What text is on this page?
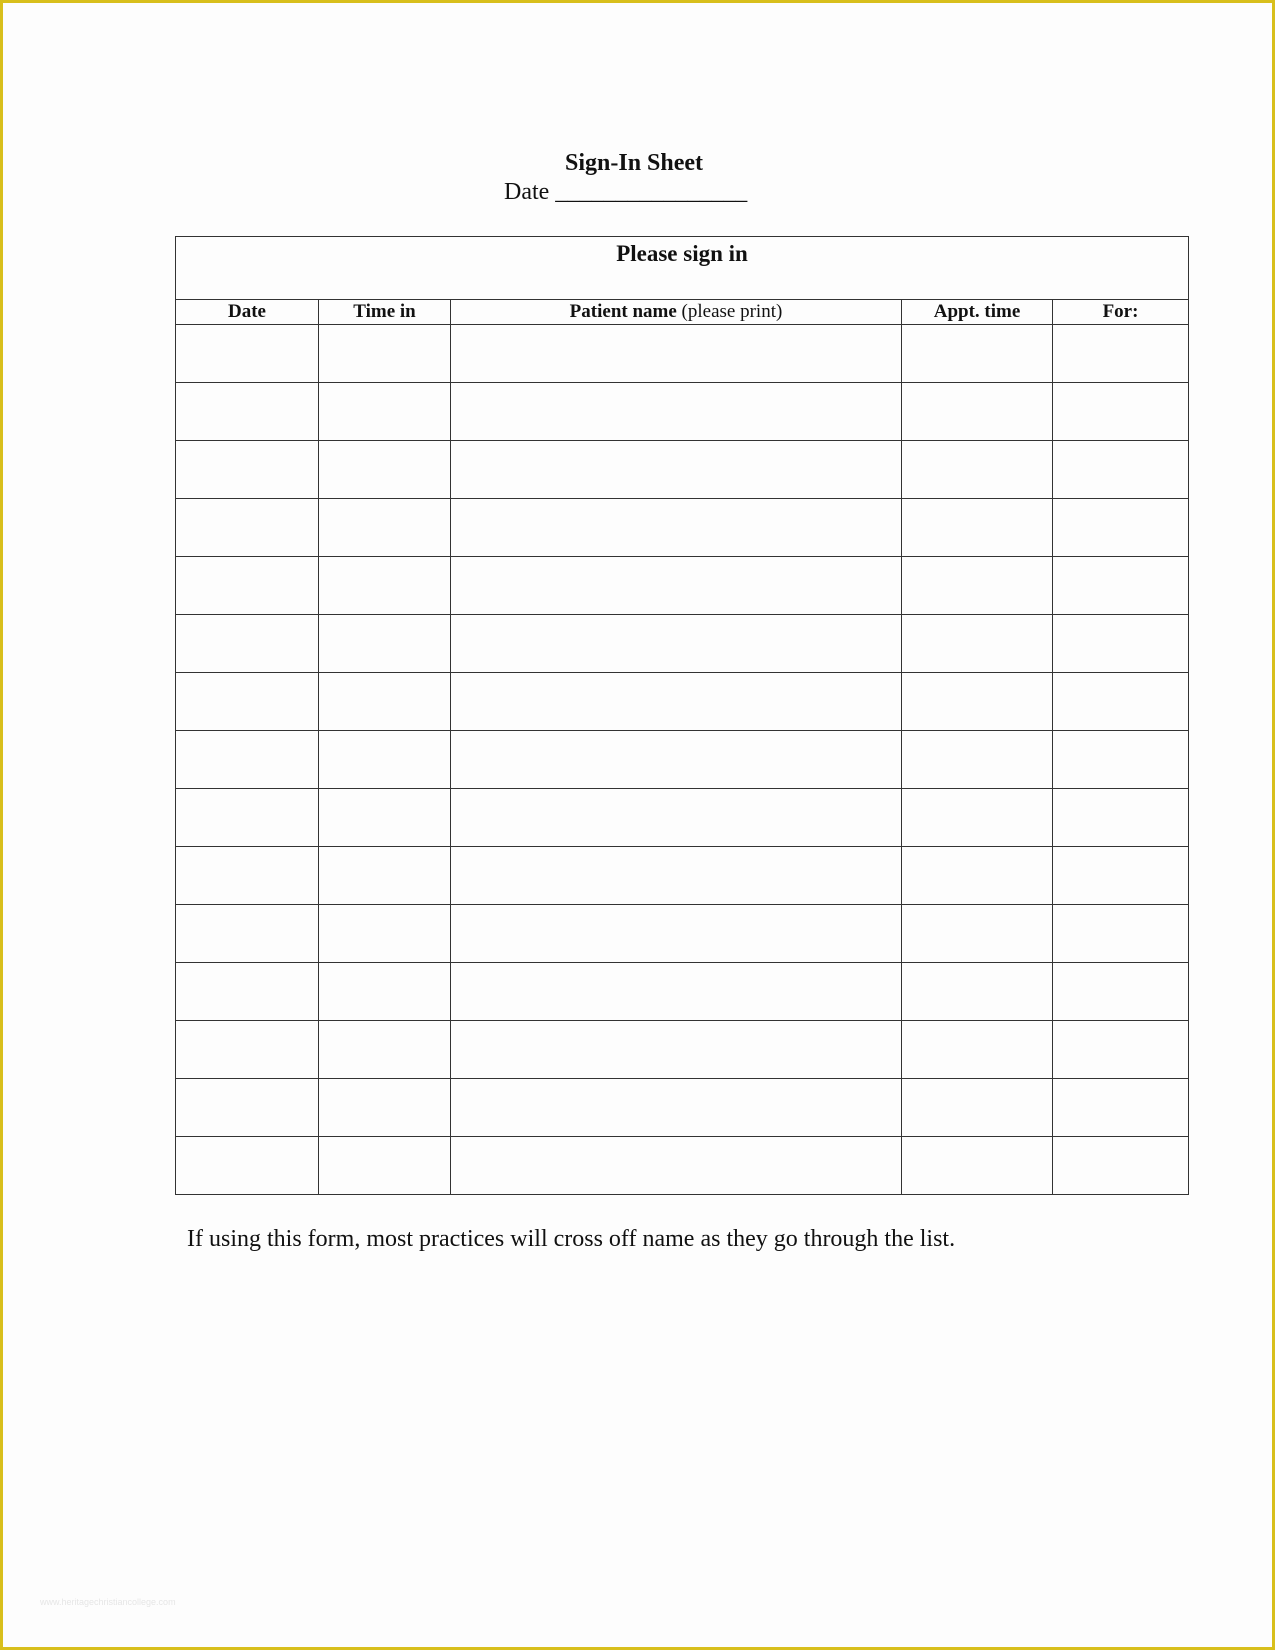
Sign-In Sheet
Date ________________
Please sign in				
Date	Time in	Patient name (please print)	Appt. time	For:

If using this form, most practices will cross off name as they go through the list.
www.heritagechristiancollege.com
